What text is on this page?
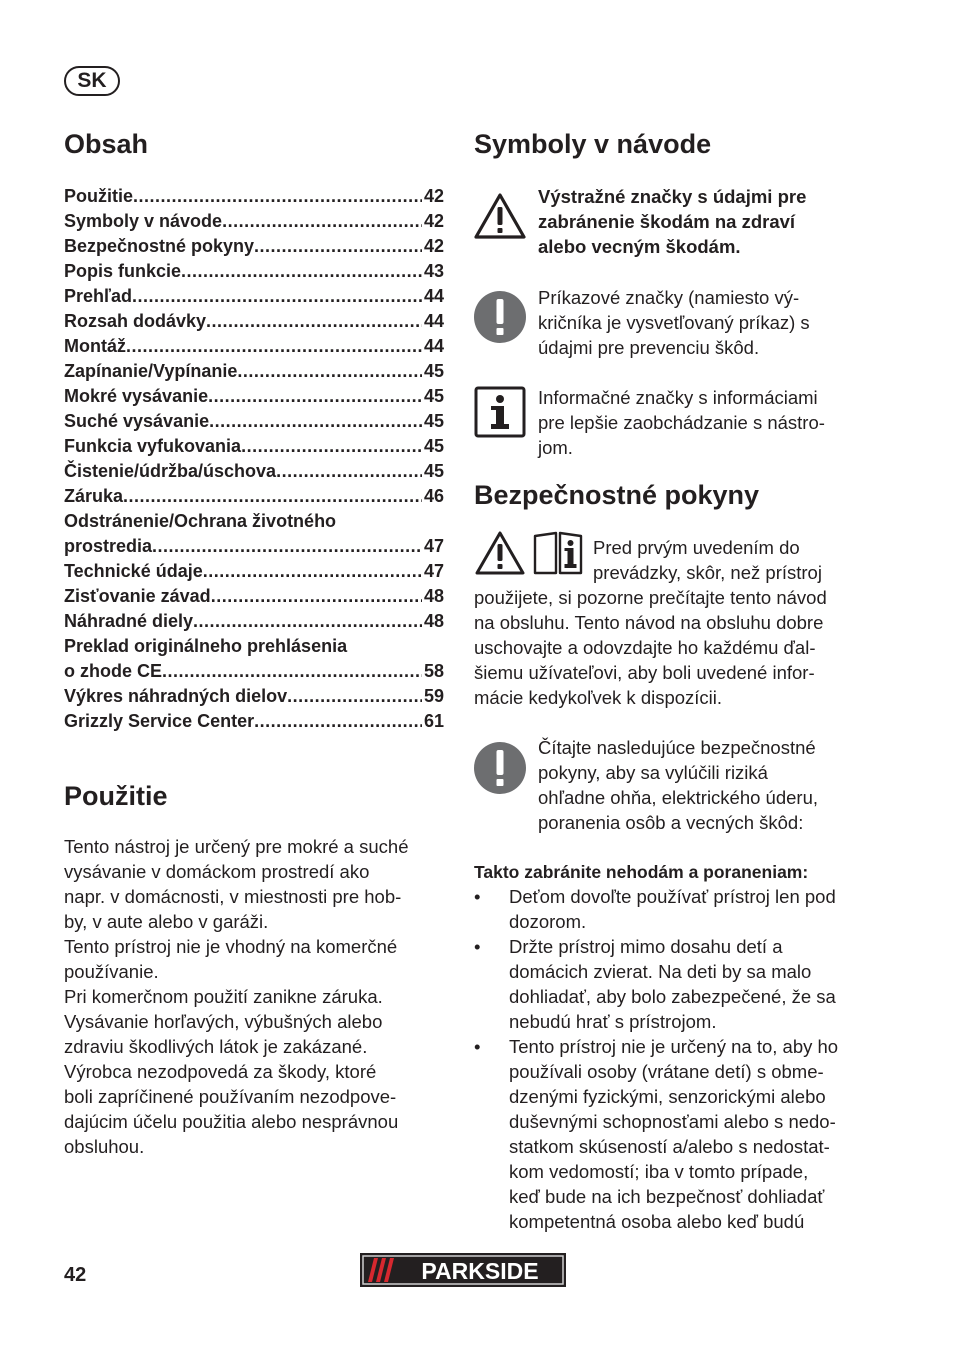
SK
Obsah
Použitie .....	42
Symboly v návode .....	42
Bezpečnostné pokyny .....	42
Popis funkcie .....	43
Prehľad .....	44
Rozsah dodávky .....	44
Montáž .....	44
Zapínanie/Vypínanie .....	45
Mokré vysávanie .....	45
Suché vysávanie .....	45
Funkcia vyfukovania .....	45
Čistenie/údržba/úschova .....	45
Záruka .....	46
Odstránenie/Ochrana životného
prostredia .....	47
Technické údaje .....	47
Zisťovanie závad .....	48
Náhradné diely .....	48
Preklad originálneho prehlásenia
o zhode CE .....	58
Výkres náhradných dielov .....	59
Grizzly Service Center .....	61
Použitie
Tento nástroj je určený pre mokré a suché
vysávanie v domáckom prostredí ako
napr. v domácnosti, v miestnosti pre hob-
by, v aute alebo v garáži.
Tento prístroj nie je vhodný na komerčné
používanie.
Pri komerčnom použití zanikne záruka.
Vysávanie horľavých, výbušných alebo
zdraviu škodlivých látok je zakázané.
Výrobca nezodpovedá za škody, ktoré
boli zapríčinené používaním nezodpove-
dajúcim účelu použitia alebo nesprávnou
obsluhou.
Symboly v návode
Výstražné značky s údajmi pre
zabránenie škodám na zdraví
alebo vecným škodám.
Príkazové značky (namiesto vý-
kričníka je vysvetľovaný príkaz) s
údajmi pre prevenciu škôd.
Informačné značky s informáciami
pre lepšie zaobchádzanie s nástro-
jom.
Bezpečnostné pokyny
Pred prvým uvedením do
prevádzky, skôr, než prístroj
použijete, si pozorne prečítajte tento návod
na obsluhu. Tento návod na obsluhu dobre
uschovajte a odovzdajte ho každému ďal-
šiemu užívateľovi, aby boli uvedené infor-
mácie kedykoľvek k dispozícii.
Čítajte nasledujúce bezpečnostné
pokyny, aby sa vylúčili riziká
ohľadne ohňa, elektrického úderu,
poranenia osôb a vecných škôd:
Takto zabránite nehodám a poraneniam:
• Deťom dovoľte používať prístroj len pod
dozorom.
• Držte prístroj mimo dosahu detí a
domácich zvierat. Na deti by sa malo
dohliadať, aby bolo zabezpečené, že sa
nebudú hrať s prístrojom.
• Tento prístroj nie je určený na to, aby ho
používali osoby (vrátane detí) s obme-
dzenými fyzickými, senzorickými alebo
duševnými schopnosťami alebo s nedo-
statkom skúseností a/alebo s nedostat-
kom vedomostí; iba v tomto prípade,
keď bude na ich bezpečnosť dohliadať
kompetentná osoba alebo keď budú
42	PARKSIDE
